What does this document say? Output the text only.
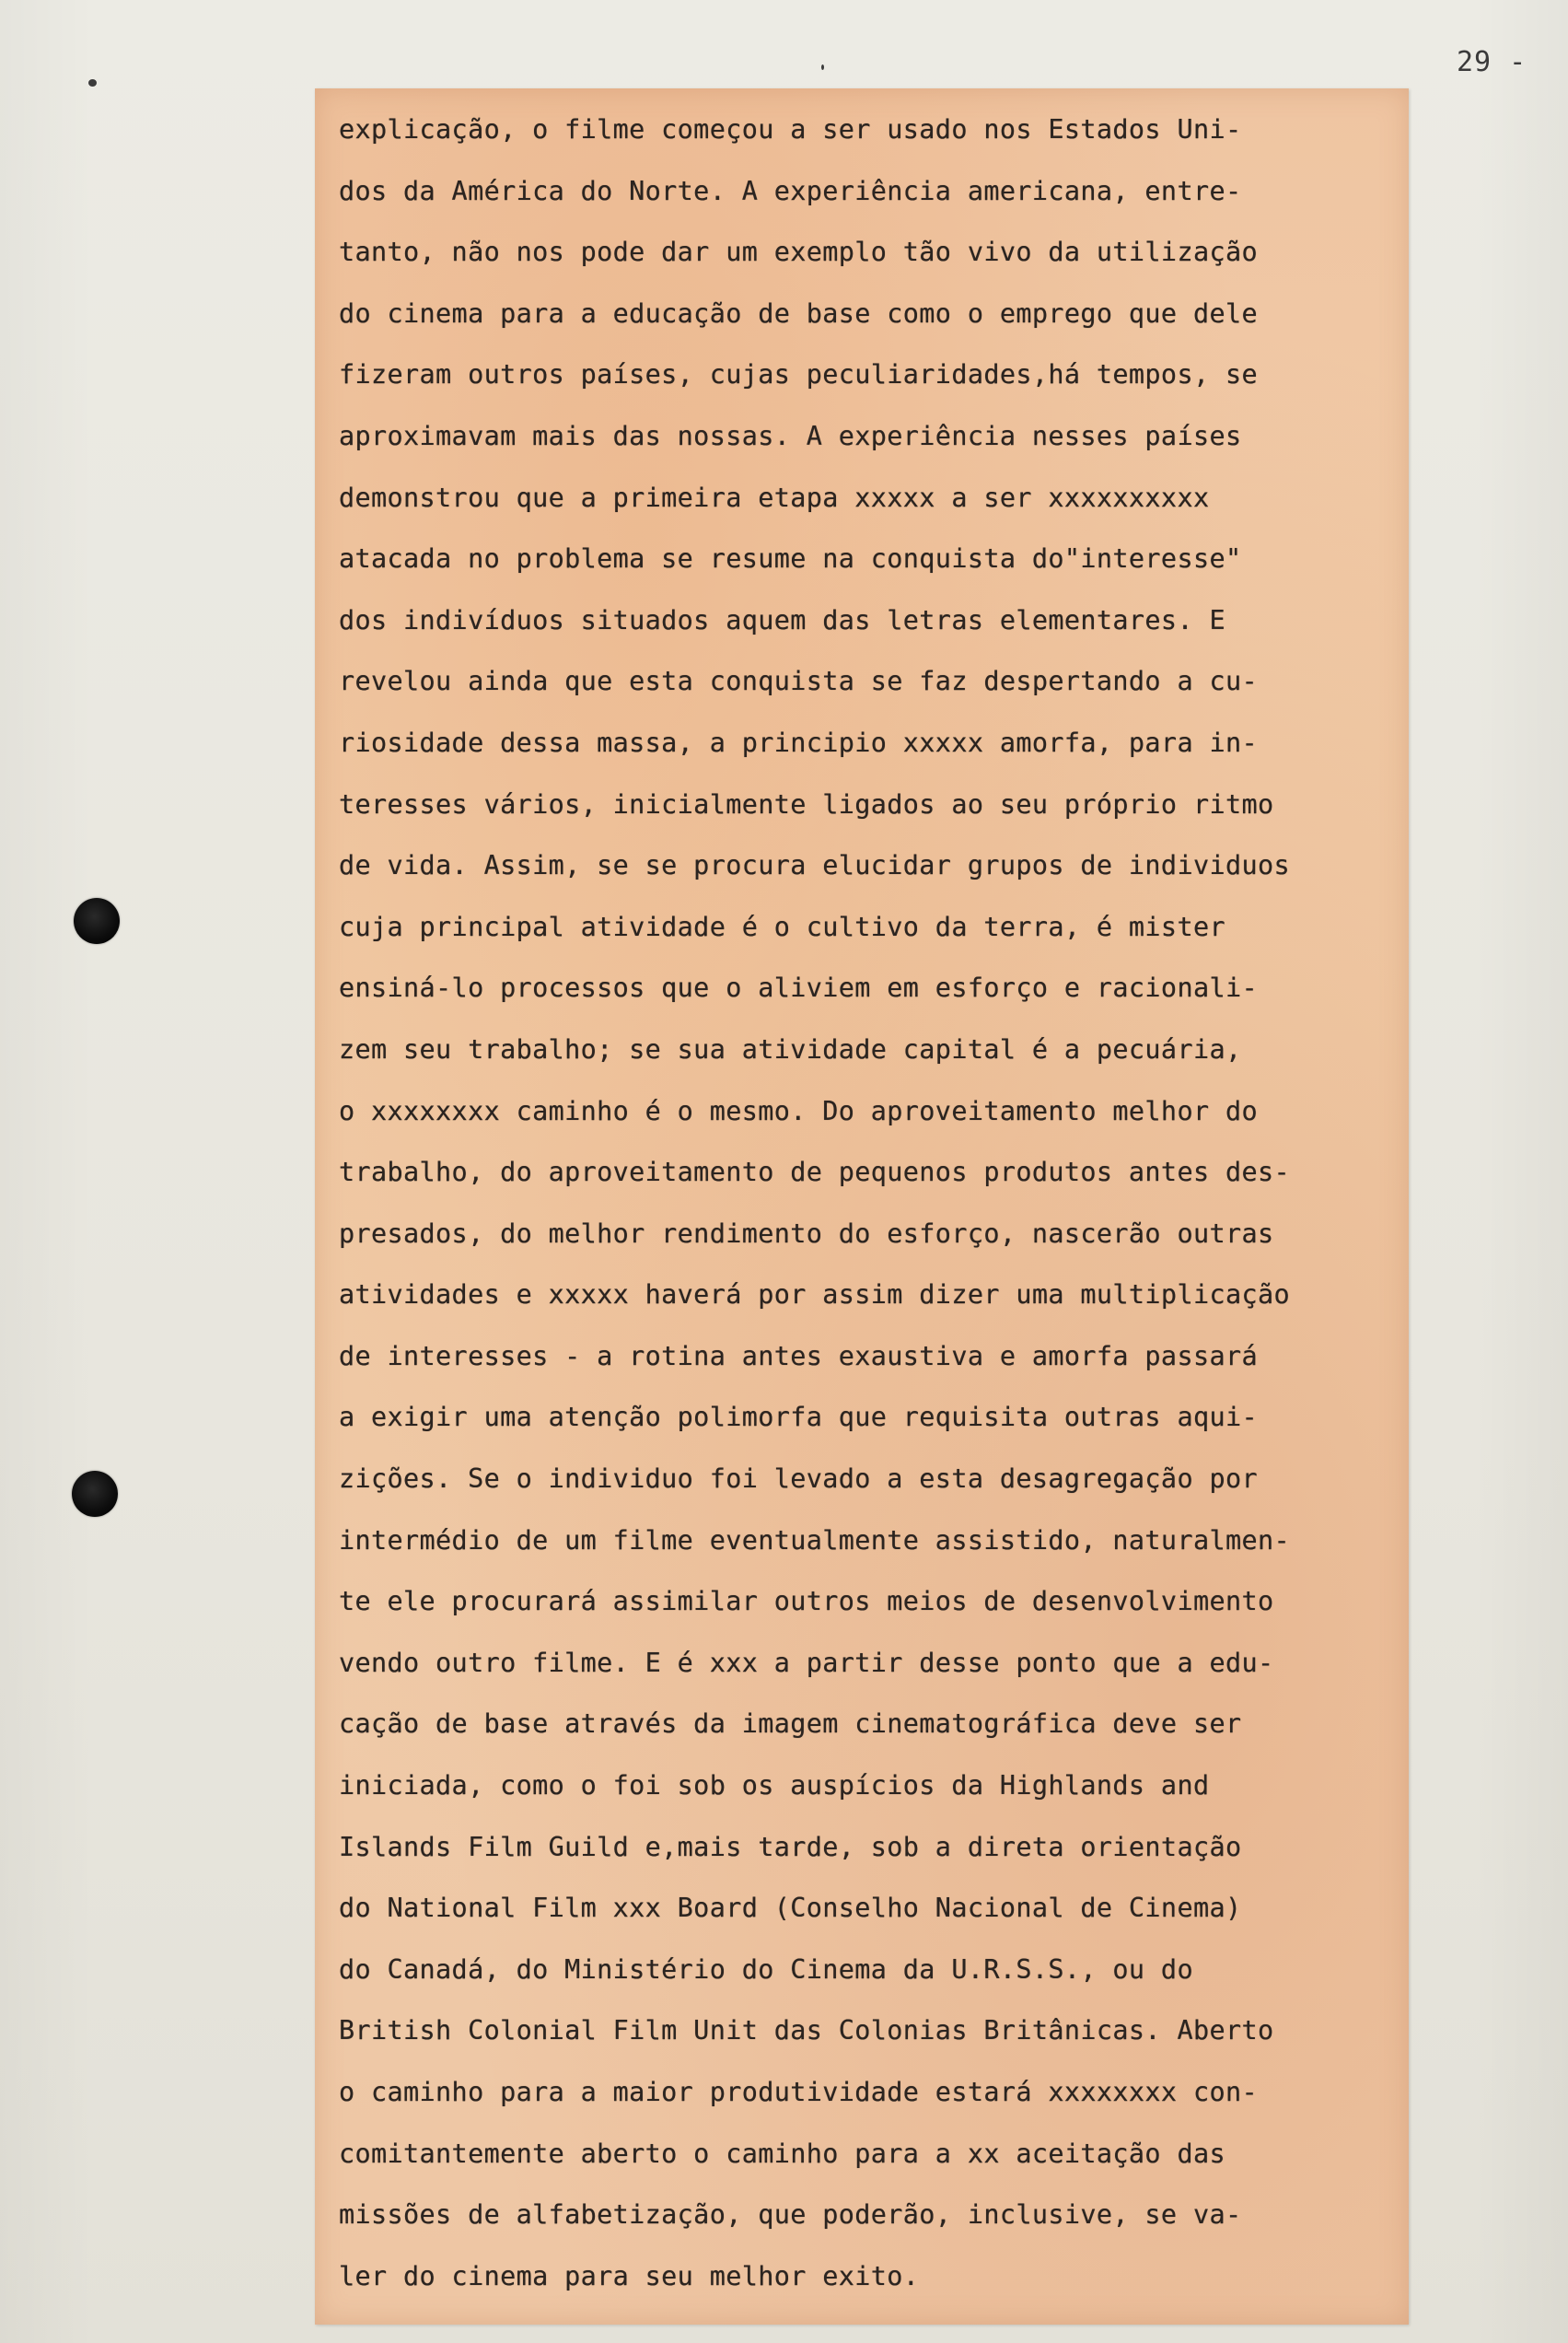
29 -
explicação, o filme começou a ser usado nos Estados Uni-
dos da América do Norte. A experiência americana, entre-
tanto, não nos pode dar um exemplo tão vivo da utilização
do cinema para a educação de base como o emprego que dele
fizeram outros países, cujas peculiaridades,há tempos, se
aproximavam mais das nossas. A experiência nesses países
demonstrou que a primeira etapa xxxxx a ser xxxxxxxxxx
atacada no problema se resume na conquista do"interesse"
dos indivíduos situados aquem das letras elementares. E
revelou ainda que esta conquista se faz despertando a cu-
riosidade dessa massa, a principio xxxxx amorfa, para in-
teresses vários, inicialmente ligados ao seu próprio ritmo
de vida. Assim, se se procura elucidar grupos de individuos
cuja principal atividade é o cultivo da terra, é mister
ensiná-lo processos que o aliviem em esforço e racionali-
zem seu trabalho; se sua atividade capital é a pecuária,
o xxxxxxxx caminho é o mesmo. Do aproveitamento melhor do
trabalho, do aproveitamento de pequenos produtos antes des-
presados, do melhor rendimento do esforço, nascerão outras
atividades e xxxxx haverá por assim dizer uma multiplicação
de interesses - a rotina antes exaustiva e amorfa passará
a exigir uma atenção polimorfa que requisita outras aqui-
zições. Se o individuo foi levado a esta desagregação por
intermédio de um filme eventualmente assistido, naturalmen-
te ele procurará assimilar outros meios de desenvolvimento
vendo outro filme. E é xxx a partir desse ponto que a edu-
cação de base através da imagem cinematográfica deve ser
iniciada, como o foi sob os auspícios da Highlands and
Islands Film Guild e,mais tarde, sob a direta orientação
do National Film xxx Board (Conselho Nacional de Cinema)
do Canadá, do Ministério do Cinema da U.R.S.S., ou do
British Colonial Film Unit das Colonias Britânicas. Aberto
o caminho para a maior produtividade estará xxxxxxxx con-
comitantemente aberto o caminho para a xx aceitação das
missões de alfabetização, que poderão, inclusive, se va-
ler do cinema para seu melhor exito.
